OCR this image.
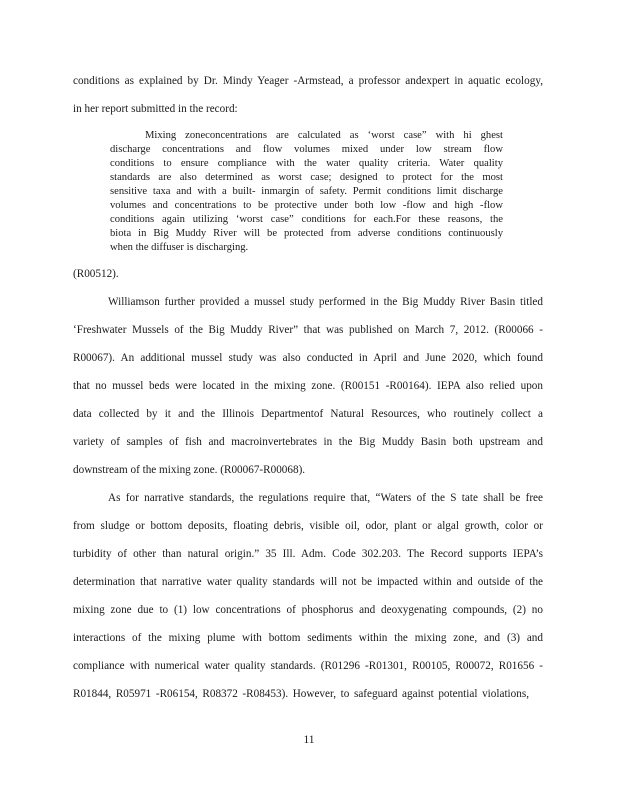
conditions as explained by Dr. Mindy Yeager -Armstead, a professor andexpert in aquatic ecology,
in her report submitted in the record:
Mixing zoneconcentrations are calculated as ‘worst case” with hi ghest
discharge concentrations and flow volumes mixed under low stream flow
conditions to ensure compliance with the water quality criteria. Water quality
standards are also determined as worst case; designed to protect for the most
sensitive taxa and with a built- inmargin of safety. Permit conditions limit discharge
volumes and concentrations to be protective under both low -flow and high -flow
conditions again utilizing ‘worst case” conditions for each.For these reasons, the
biota in Big Muddy River will be protected from adverse conditions continuously
when the diffuser is discharging.
(R00512).
Williamson further provided a mussel study performed in the Big Muddy River Basin titled
‘Freshwater Mussels of the Big Muddy River” that was published on March 7, 2012. (R00066 -
R00067). An additional mussel study was also conducted in April and June 2020, which found
that no mussel beds were located in the mixing zone. (R00151 -R00164). IEPA also relied upon
data collected by it and the Illinois Departmentof Natural Resources, who routinely collect a
variety of samples of fish and macroinvertebrates in the Big Muddy Basin both upstream and
downstream of the mixing zone. (R00067-R00068).
As for narrative standards, the regulations require that, “Waters of the S tate shall be free
from sludge or bottom deposits, floating debris, visible oil, odor, plant or algal growth, color or
turbidity of other than natural origin.” 35 Ill. Adm. Code 302.203. The Record supports IEPA’s
determination that narrative water quality standards will not be impacted within and outside of the
mixing zone due to (1) low concentrations of phosphorus and deoxygenating compounds, (2) no
interactions of the mixing plume with bottom sediments within the mixing zone, and (3) and
compliance with numerical water quality standards. (R01296 -R01301, R00105, R00072, R01656 -
R01844, R05971 -R06154, R08372 -R08453). However, to safeguard against potential violations,
11
